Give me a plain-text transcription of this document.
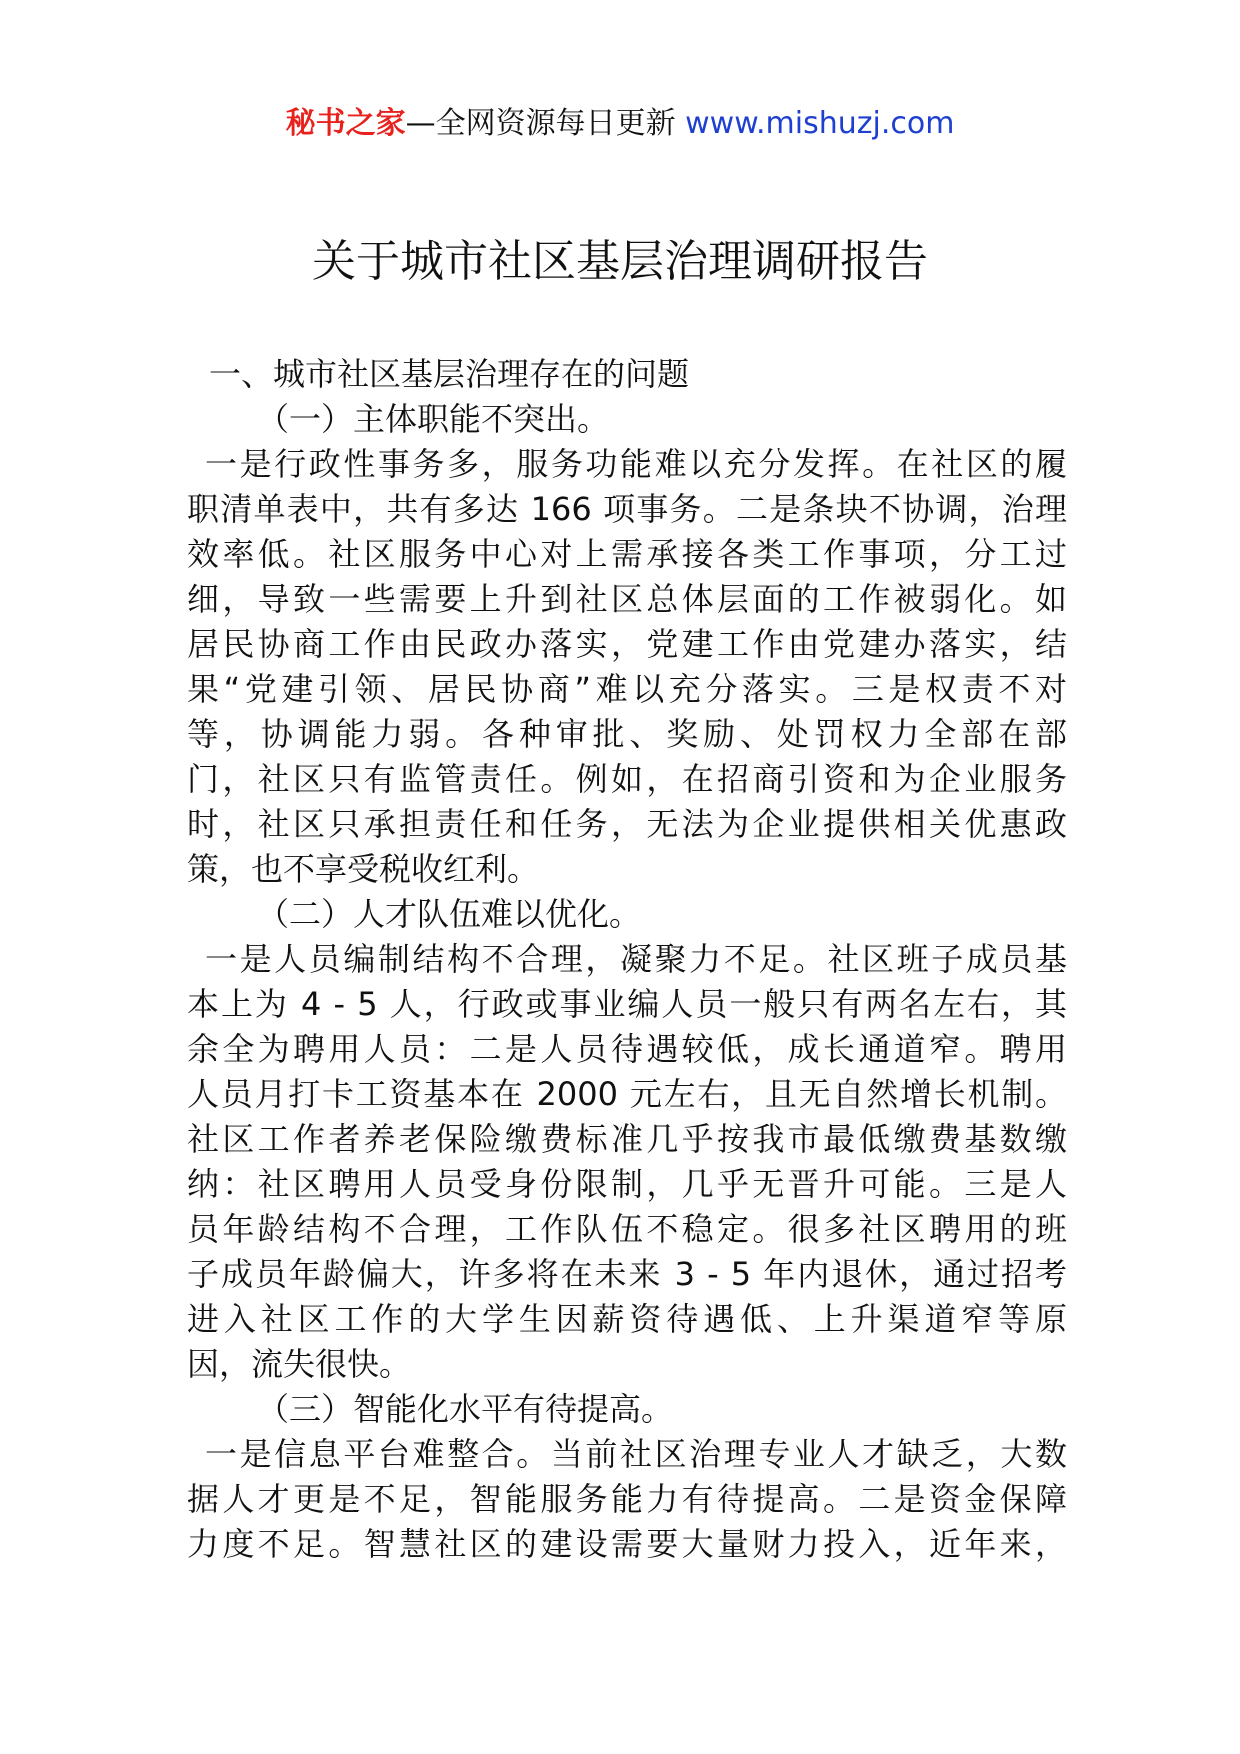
秘书之家—全网资源每日更新 www.mishuzj.com
关于城市社区基层治理调研报告
一、城市社区基层治理存在的问题
（一）主体职能不突出。
一是行政性事务多，服务功能难以充分发挥。在社区的履
职清单表中，共有多达 166 项事务。二是条块不协调，治理
效率低。社区服务中心对上需承接各类工作事项，分工过
细，导致一些需要上升到社区总体层面的工作被弱化。如
居民协商工作由民政办落实，党建工作由党建办落实，结
果“党建引领、居民协商”难以充分落实。三是权责不对
等，协调能力弱。各种审批、奖励、处罚权力全部在部
门，社区只有监管责任。例如，在招商引资和为企业服务
时，社区只承担责任和任务，无法为企业提供相关优惠政
策，也不享受税收红利。
（二）人才队伍难以优化。
一是人员编制结构不合理，凝聚力不足。社区班子成员基
本上为 4 - 5 人，行政或事业编人员一般只有两名左右，其
余全为聘用人员：二是人员待遇较低，成长通道窄。聘用
人员月打卡工资基本在 2000 元左右，且无自然增长机制。
社区工作者养老保险缴费标准几乎按我市最低缴费基数缴
纳：社区聘用人员受身份限制，几乎无晋升可能。三是人
员年龄结构不合理，工作队伍不稳定。很多社区聘用的班
子成员年龄偏大，许多将在未来 3 - 5 年内退休，通过招考
进入社区工作的大学生因薪资待遇低、上升渠道窄等原
因，流失很快。
（三）智能化水平有待提高。
一是信息平台难整合。当前社区治理专业人才缺乏，大数
据人才更是不足，智能服务能力有待提高。二是资金保障
力度不足。智慧社区的建设需要大量财力投入，近年来，
